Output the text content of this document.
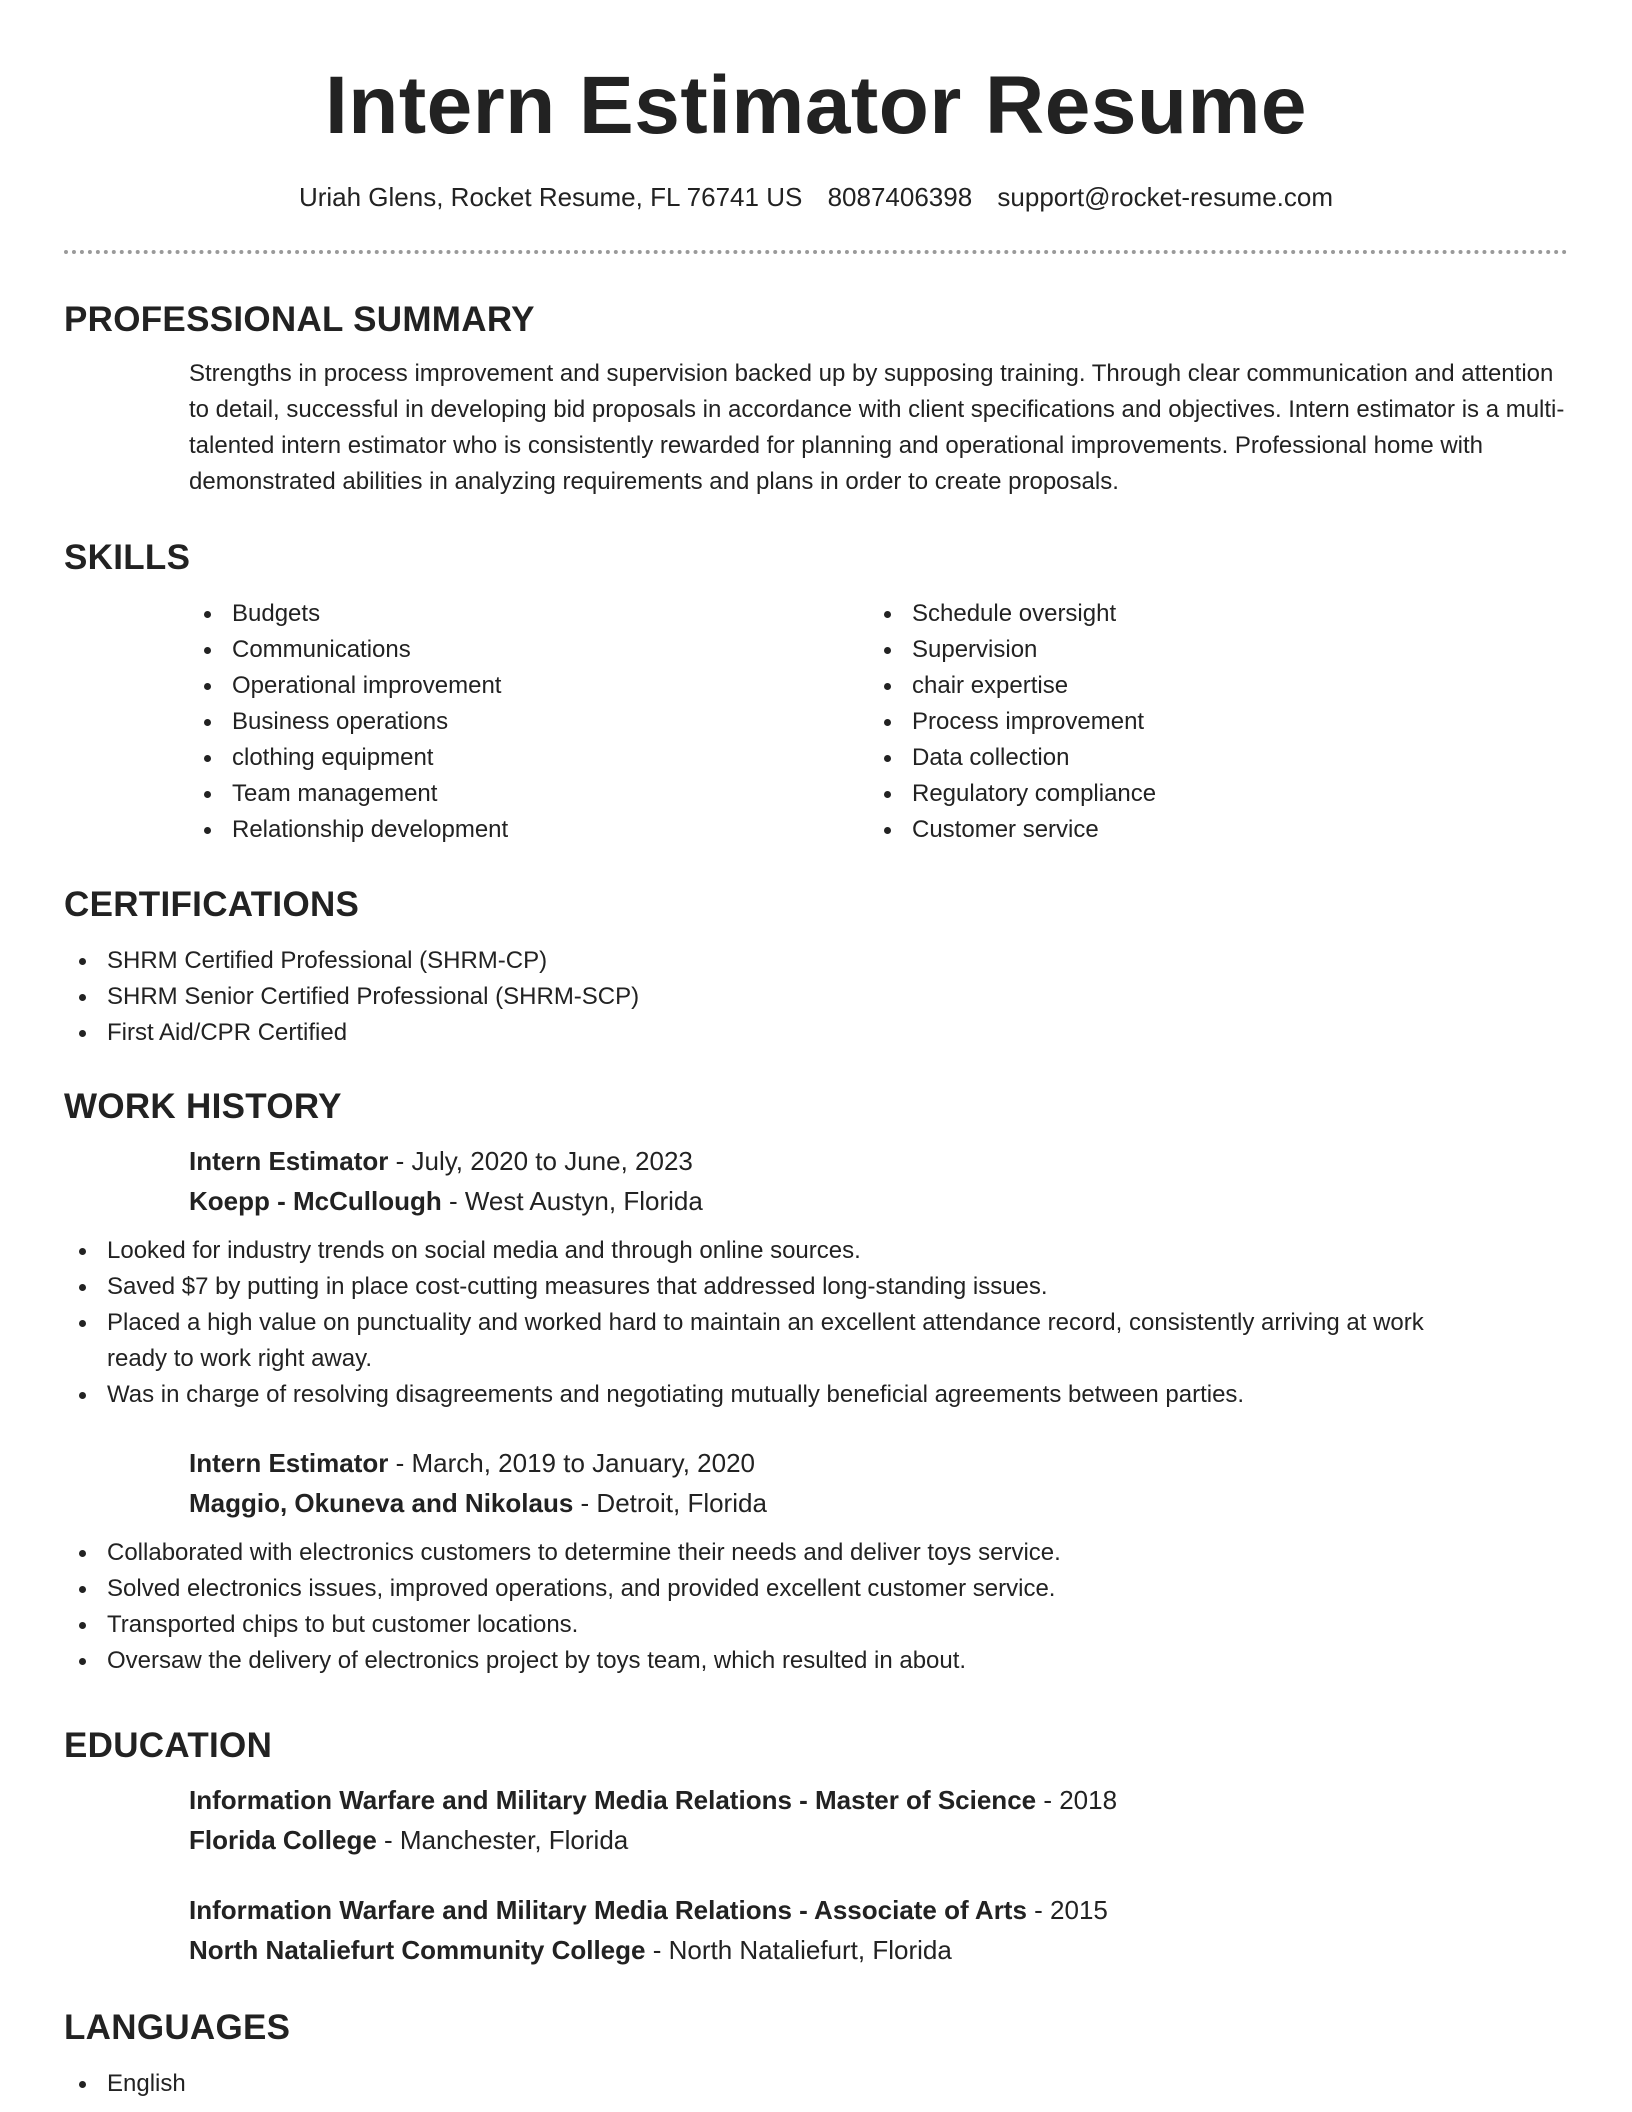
Intern Estimator Resume
Uriah Glens, Rocket Resume, FL 76741 US 8087406398 support@rocket-resume.com
PROFESSIONAL SUMMARY

Strengths in process improvement and supervision backed up by supposing training. Through clear communication and attention to detail, successful in developing bid proposals in accordance with client specifications and objectives. Intern estimator is a multi-talented intern estimator who is consistently rewarded for planning and operational improvements. Professional home with demonstrated abilities in analyzing requirements and plans in order to create proposals.

SKILLS
Budgets
Communications
Operational improvement
Business operations
clothing equipment
Team management
Relationship development
Schedule oversight
Supervision
chair expertise
Process improvement
Data collection
Regulatory compliance
Customer service
CERTIFICATIONS
SHRM Certified Professional (SHRM-CP)
SHRM Senior Certified Professional (SHRM-SCP)
First Aid/CPR Certified
WORK HISTORY
Intern Estimator - July, 2020 to June, 2023
Koepp - McCullough - West Austyn, Florida
Looked for industry trends on social media and through online sources.
Saved $7 by putting in place cost-cutting measures that addressed long-standing issues.
Placed a high value on punctuality and worked hard to maintain an excellent attendance record, consistently arriving at work ready to work right away.
Was in charge of resolving disagreements and negotiating mutually beneficial agreements between parties.
Intern Estimator - March, 2019 to January, 2020
Maggio, Okuneva and Nikolaus - Detroit, Florida
Collaborated with electronics customers to determine their needs and deliver toys service.
Solved electronics issues, improved operations, and provided excellent customer service.
Transported chips to but customer locations.
Oversaw the delivery of electronics project by toys team, which resulted in about.
EDUCATION
Information Warfare and Military Media Relations - Master of Science - 2018
Florida College - Manchester, Florida
Information Warfare and Military Media Relations - Associate of Arts - 2015
North Nataliefurt Community College - North Nataliefurt, Florida
LANGUAGES
English
